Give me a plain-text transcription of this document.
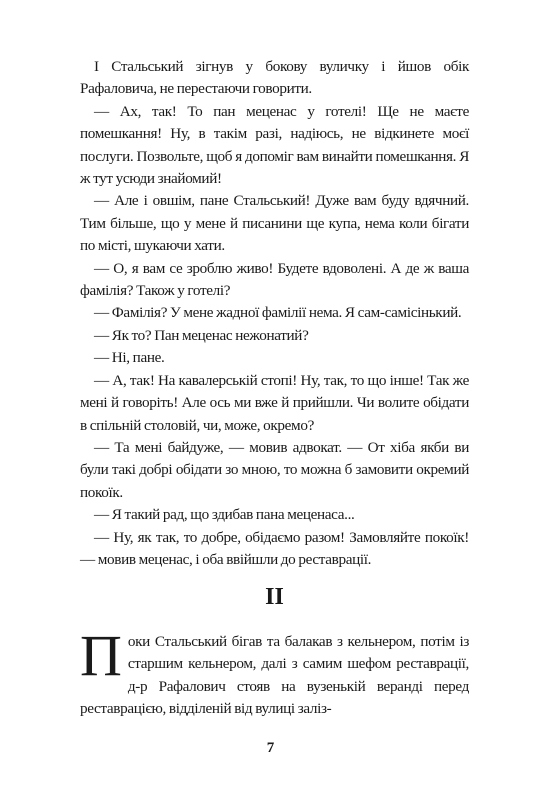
І Стальський зігнув у бокову вуличку і йшов обік Рафаловича, не перестаючи говорити.

— Ах, так! То пан меценас у готелі! Ще не маєте помешкання! Ну, в такім разі, надіюсь, не відкинете моєї послуги. Позвольте, щоб я допоміг вам винайти помешкання. Я ж тут усюди знайомий!

— Але і овшім, пане Стальський! Дуже вам буду вдячний. Тим більше, що у мене й писанини ще купа, нема коли бігати по місті, шукаючи хати.

— О, я вам се зроблю живо! Будете вдоволені. А де ж ваша фамілія? Також у готелі?

— Фамілія? У мене жадної фамілії нема. Я сам-самісінький.

— Як то? Пан меценас нежонатий?

— Ні, пане.

— А, так! На кавалерській стопі! Ну, так, то що інше! Так же мені й говоріть! Але ось ми вже й прийшли. Чи волите обідати в спільній столовій, чи, може, окремо?

— Та мені байдуже, — мовив адвокат. — От хіба якби ви були такі добрі обідати зо мною, то можна б замовити окремий покоїк.

— Я такий рад, що здибав пана меценаса...

— Ну, як так, то добре, обідаємо разом! Замовляйте покоїк! — мовив меценас, і оба ввійшли до реставрації.

II
П оки Стальський бігав та балакав з кельнером, потім із старшим кельнером, далі з самим шефом реставрації, д-р Рафалович стояв на вузенькій веранді перед реставрацією, відділеній від вулиці заліз-

7
